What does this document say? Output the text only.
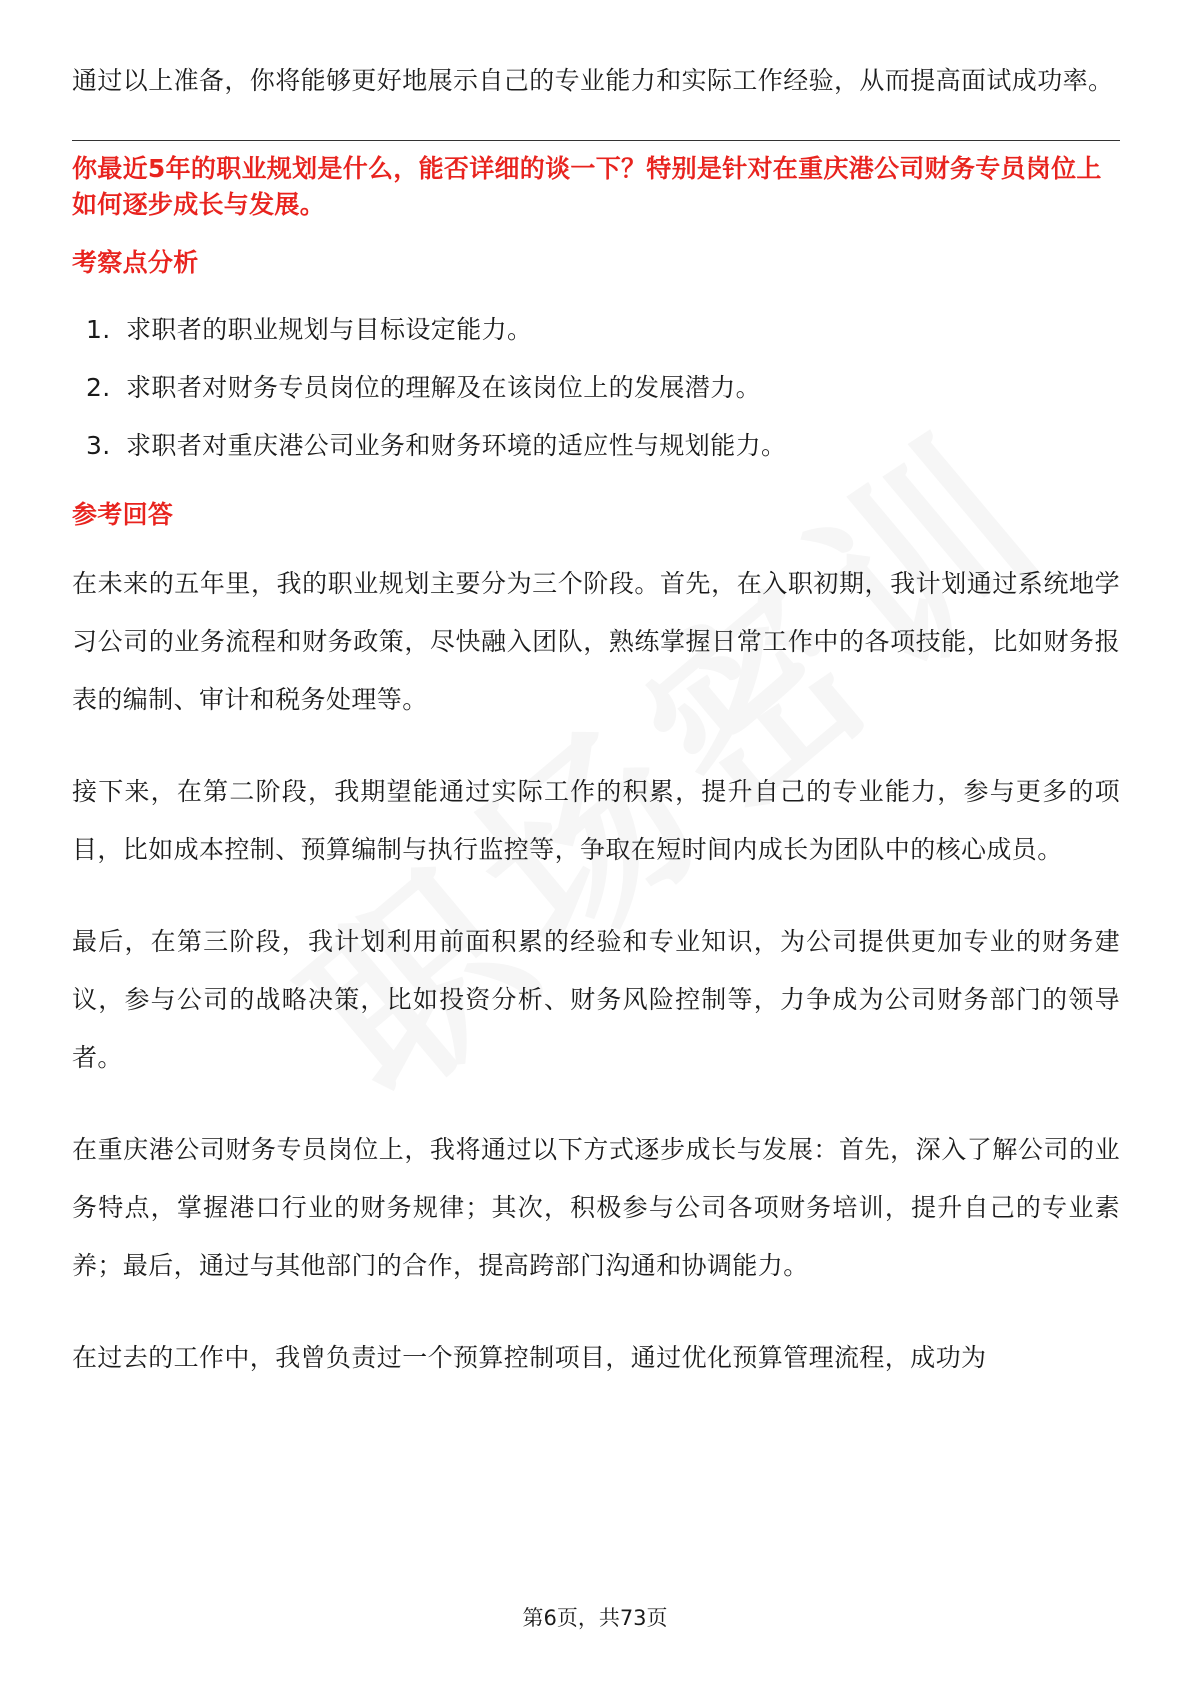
通过以上准备，你将能够更好地展示自己的专业能力和实际工作经验，从而提高面试成功率。

你最近5年的职业规划是什么，能否详细的谈一下？特别是针对在重庆港公司财务专员岗位上如何逐步成长与发展。

考察点分析
1. 求职者的职业规划与目标设定能力。
2. 求职者对财务专员岗位的理解及在该岗位上的发展潜力。
3. 求职者对重庆港公司业务和财务环境的适应性与规划能力。
参考回答

在未来的五年里，我的职业规划主要分为三个阶段。首先，在入职初期，我计划通过系统地学习公司的业务流程和财务政策，尽快融入团队，熟练掌握日常工作中的各项技能，比如财务报表的编制、审计和税务处理等。

接下来，在第二阶段，我期望能通过实际工作的积累，提升自己的专业能力，参与更多的项目，比如成本控制、预算编制与执行监控等，争取在短时间内成长为团队中的核心成员。

最后，在第三阶段，我计划利用前面积累的经验和专业知识，为公司提供更加专业的财务建议，参与公司的战略决策，比如投资分析、财务风险控制等，力争成为公司财务部门的领导者。

在重庆港公司财务专员岗位上，我将通过以下方式逐步成长与发展：首先，深入了解公司的业务特点，掌握港口行业的财务规律；其次，积极参与公司各项财务培训，提升自己的专业素养；最后，通过与其他部门的合作，提高跨部门沟通和协调能力。

在过去的工作中，我曾负责过一个预算控制项目，通过优化预算管理流程，成功为

第6页，共73页
